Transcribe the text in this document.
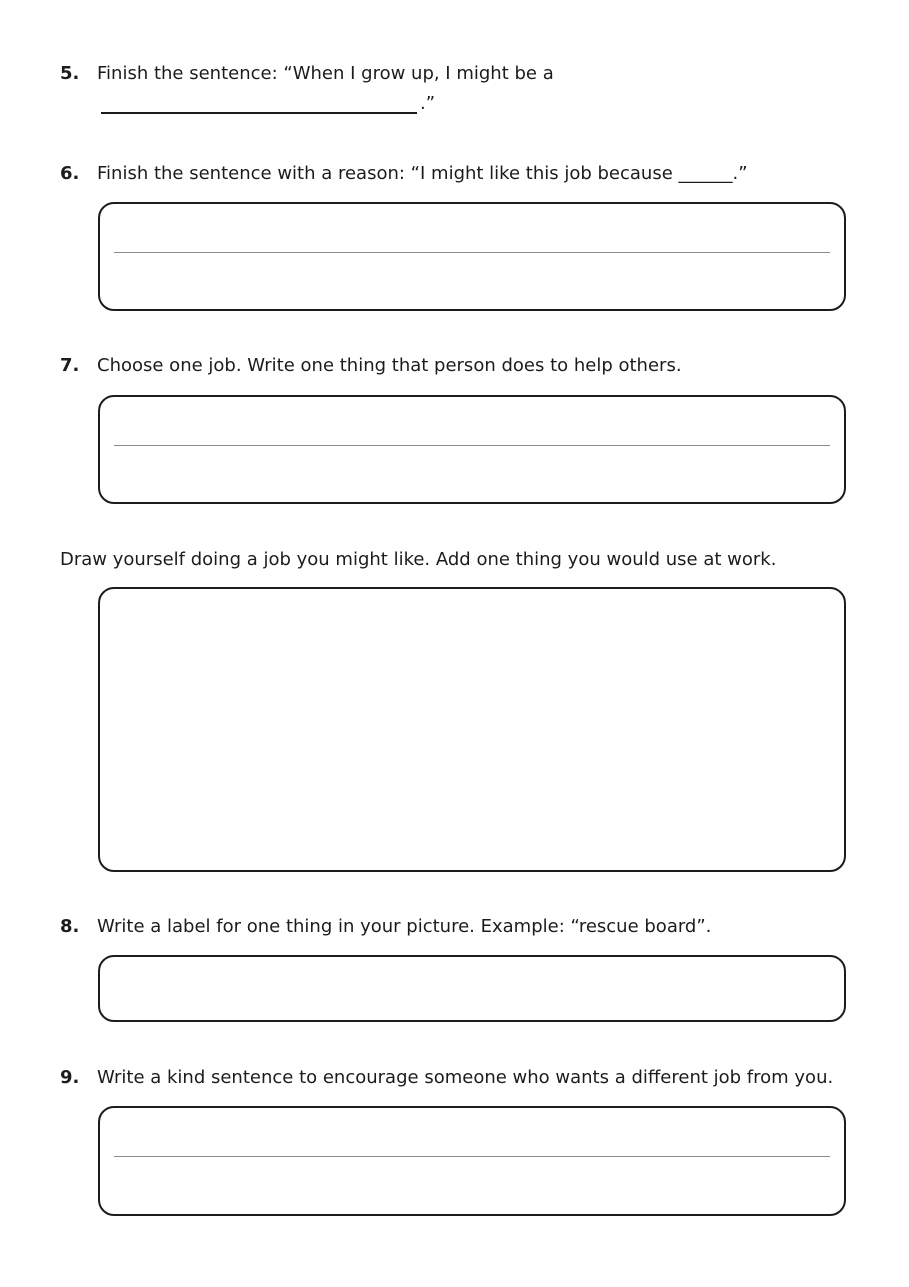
5. Finish the sentence: “When I grow up, I might be a
.”
6. Finish the sentence with a reason: “I might like this job because ______.”
7. Choose one job. Write one thing that person does to help others.
Draw yourself doing a job you might like. Add one thing you would use at work.
8. Write a label for one thing in your picture. Example: “rescue board”.
9. Write a kind sentence to encourage someone who wants a different job from you.
